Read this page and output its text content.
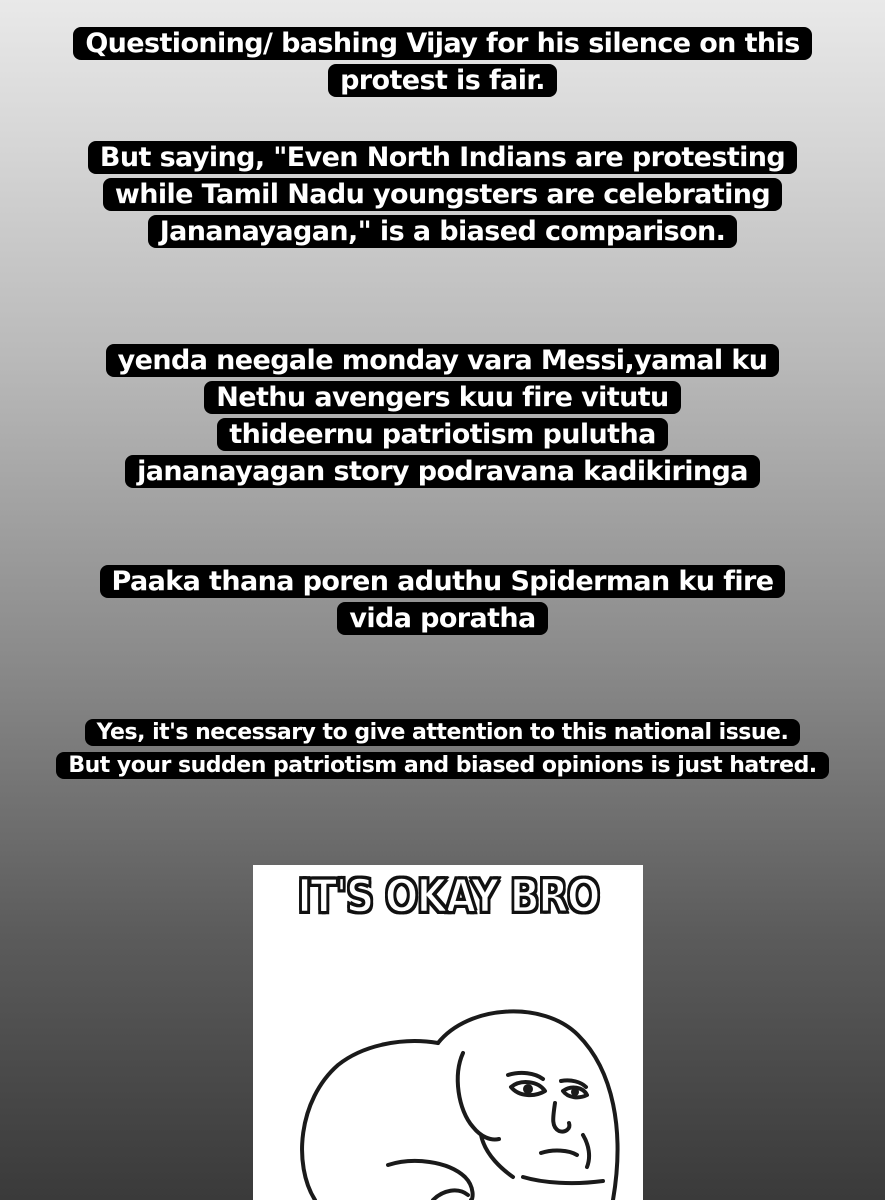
Questioning/ bashing Vijay for his silence on this
protest is fair.
But saying, "Even North Indians are protesting
while Tamil Nadu youngsters are celebrating
Jananayagan," is a biased comparison.
yenda neegale monday vara Messi,yamal ku
Nethu avengers kuu fire vitutu
thideernu patriotism pulutha
jananayagan story podravana kadikiringa
Paaka thana poren aduthu Spiderman ku fire
vida poratha
Yes, it's necessary to give attention to this national issue.
But your sudden patriotism and biased opinions is just hatred.
IT'S OKAY BRO
